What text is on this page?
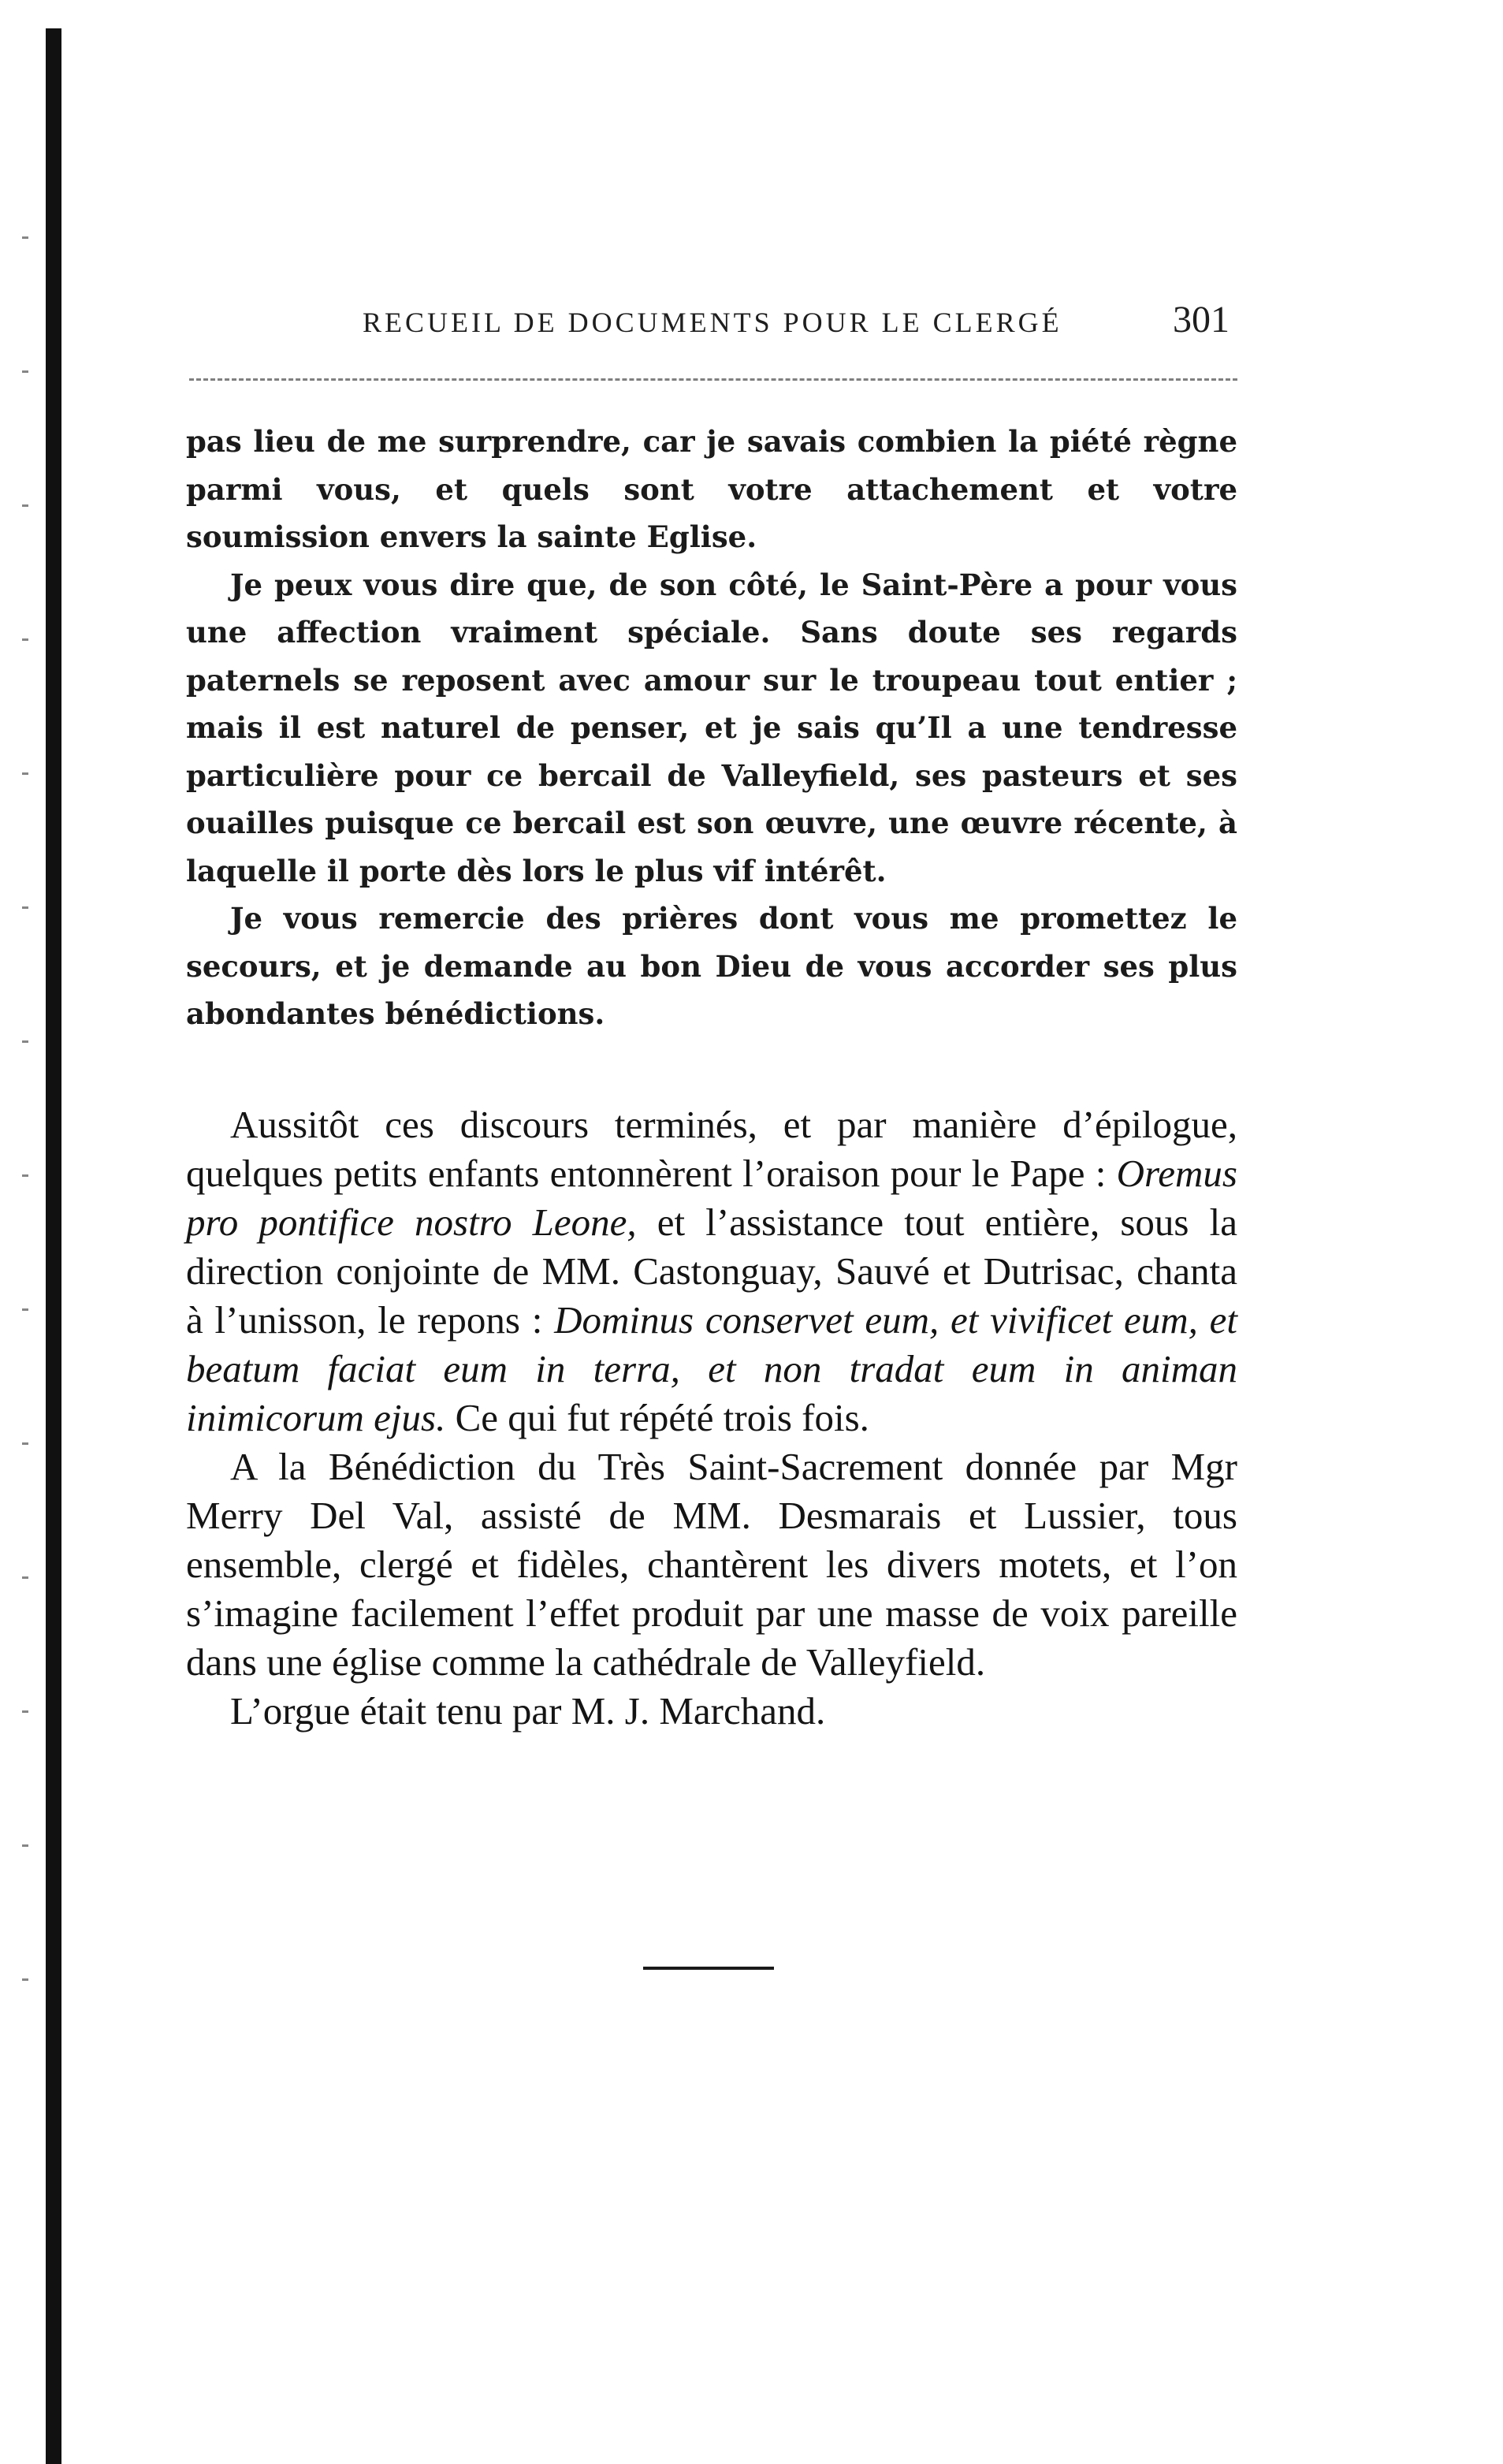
RECUEIL DE DOCUMENTS POUR LE CLERGÉ	301

pas lieu de me surprendre, car je savais combien la piété règne parmi vous, et quels sont votre attachement et votre soumission envers la sainte Eglise.

Je peux vous dire que, de son côté, le Saint-Père a pour vous une affection vraiment spéciale. Sans doute ses regards paternels se reposent avec amour sur le troupeau tout entier ; mais il est naturel de penser, et je sais qu’Il a une tendresse particulière pour ce bercail de Valleyfield, ses pasteurs et ses ouailles puisque ce bercail est son œuvre, une œuvre récente, à laquelle il porte dès lors le plus vif intérêt.

Je vous remercie des prières dont vous me promettez le secours, et je demande au bon Dieu de vous accorder ses plus abondantes bénédictions.

Aussitôt ces discours terminés, et par manière d’épilogue, quelques petits enfants entonnèrent l’oraison pour le Pape : Oremus pro pontifice nostro Leone, et l’assistance tout entière, sous la direction conjointe de MM. Castonguay, Sauvé et Dutrisac, chanta à l’unisson, le repons : Dominus conservet eum, et vivificet eum, et beatum faciat eum in terra, et non tradat eum in animan inimicorum ejus. Ce qui fut répété trois fois.

A la Bénédiction du Très Saint-Sacrement donnée par Mgr Merry Del Val, assisté de MM. Desmarais et Lussier, tous ensemble, clergé et fidèles, chantèrent les divers motets, et l’on s’imagine facilement l’effet produit par une masse de voix pareille dans une église comme la cathédrale de Valleyfield.

L’orgue était tenu par M. J. Marchand.
